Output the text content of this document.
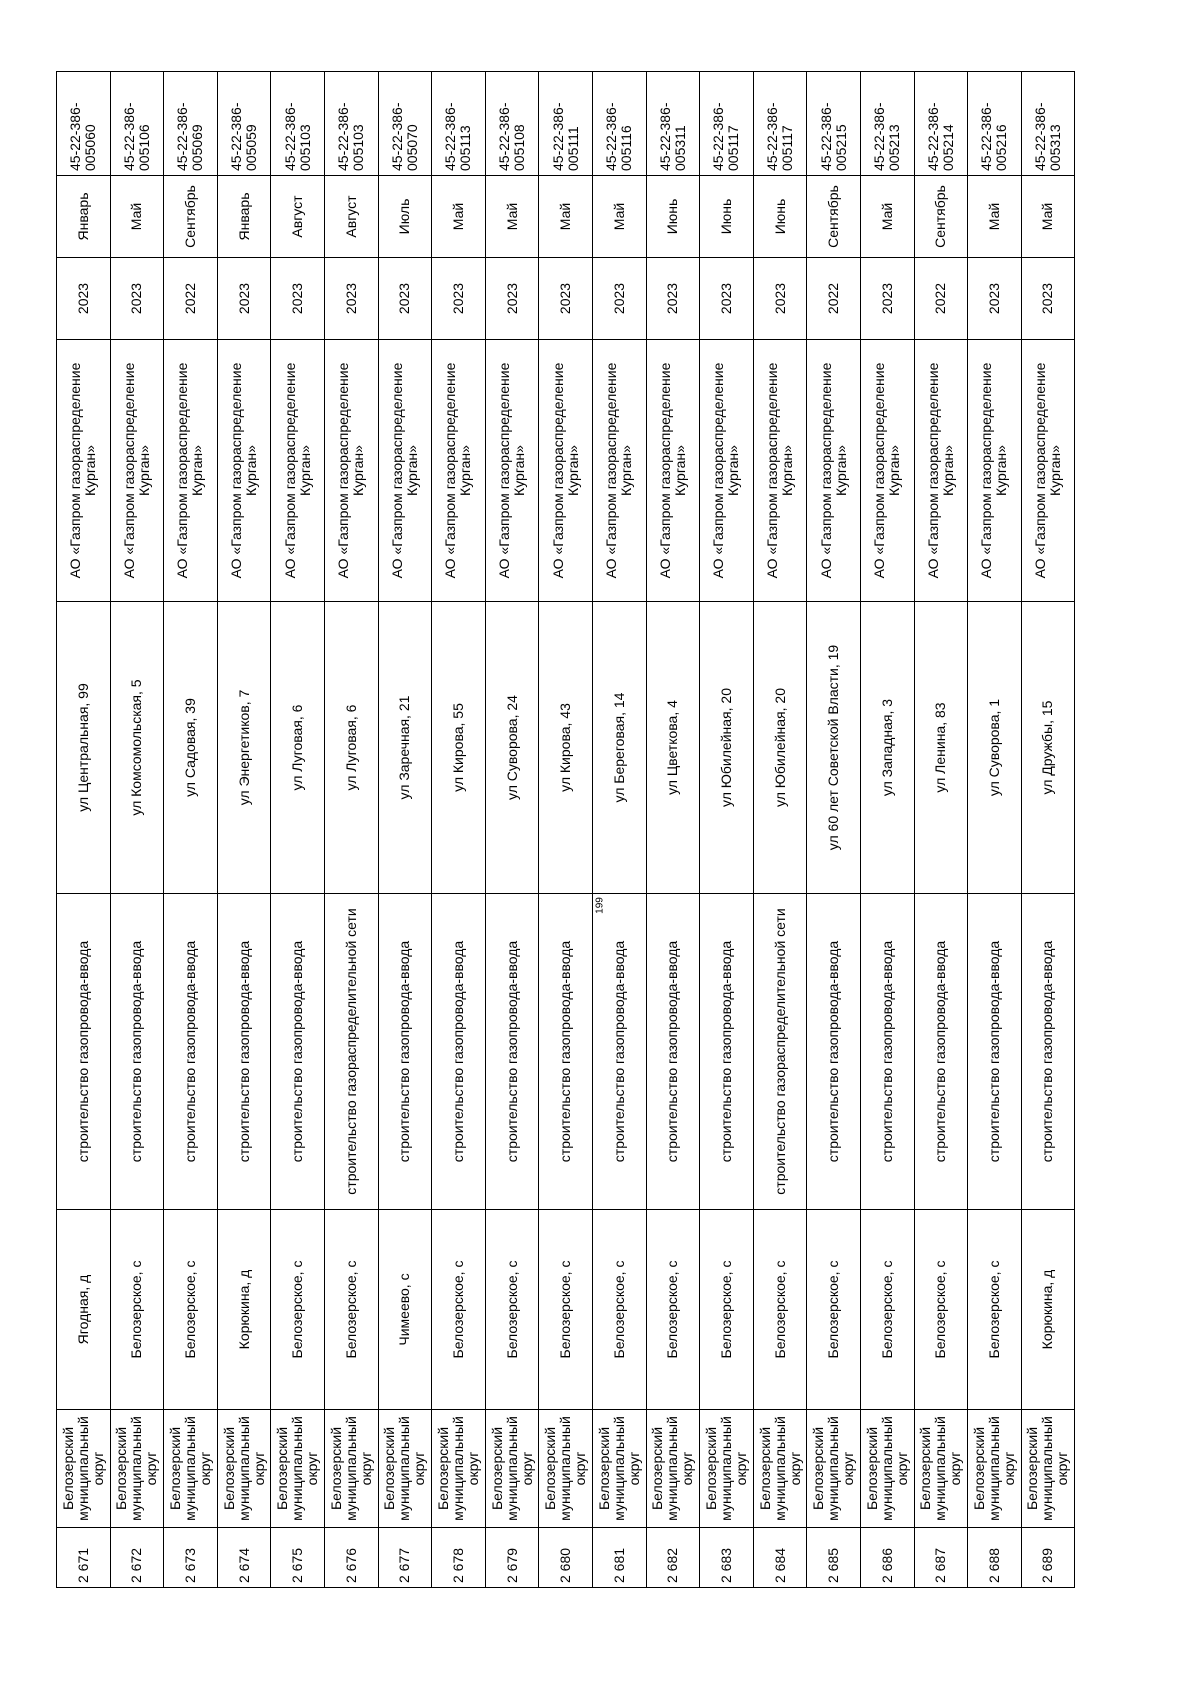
199
2 671	Белозерский муниципальный округ	Ягодная, д	строительство газопровода-ввода	ул Центральная, 99	АО «Газпром газораспределение Курган»	2023	Январь	45-22-386-005060
2 672	Белозерский муниципальный округ	Белозерское, с	строительство газопровода-ввода	ул Комсомольская, 5	АО «Газпром газораспределение Курган»	2023	Май	45-22-386-005106
2 673	Белозерский муниципальный округ	Белозерское, с	строительство газопровода-ввода	ул Садовая, 39	АО «Газпром газораспределение Курган»	2022	Сентябрь	45-22-386-005069
2 674	Белозерский муниципальный округ	Корюкина, д	строительство газопровода-ввода	ул Энергетиков, 7	АО «Газпром газораспределение Курган»	2023	Январь	45-22-386-005059
2 675	Белозерский муниципальный округ	Белозерское, с	строительство газопровода-ввода	ул Луговая, 6	АО «Газпром газораспределение Курган»	2023	Август	45-22-386-005103
2 676	Белозерский муниципальный округ	Белозерское, с	строительство газораспределительной сети	ул Луговая, 6	АО «Газпром газораспределение Курган»	2023	Август	45-22-386-005103
2 677	Белозерский муниципальный округ	Чимеево, с	строительство газопровода-ввода	ул Заречная, 21	АО «Газпром газораспределение Курган»	2023	Июль	45-22-386-005070
2 678	Белозерский муниципальный округ	Белозерское, с	строительство газопровода-ввода	ул Кирова, 55	АО «Газпром газораспределение Курган»	2023	Май	45-22-386-005113
2 679	Белозерский муниципальный округ	Белозерское, с	строительство газопровода-ввода	ул Суворова, 24	АО «Газпром газораспределение Курган»	2023	Май	45-22-386-005108
2 680	Белозерский муниципальный округ	Белозерское, с	строительство газопровода-ввода	ул Кирова, 43	АО «Газпром газораспределение Курган»	2023	Май	45-22-386-005111
2 681	Белозерский муниципальный округ	Белозерское, с	строительство газопровода-ввода	ул Береговая, 14	АО «Газпром газораспределение Курган»	2023	Май	45-22-386-005116
2 682	Белозерский муниципальный округ	Белозерское, с	строительство газопровода-ввода	ул Цветкова, 4	АО «Газпром газораспределение Курган»	2023	Июнь	45-22-386-005311
2 683	Белозерский муниципальный округ	Белозерское, с	строительство газопровода-ввода	ул Юбилейная, 20	АО «Газпром газораспределение Курган»	2023	Июнь	45-22-386-005117
2 684	Белозерский муниципальный округ	Белозерское, с	строительство газораспределительной сети	ул Юбилейная, 20	АО «Газпром газораспределение Курган»	2023	Июнь	45-22-386-005117
2 685	Белозерский муниципальный округ	Белозерское, с	строительство газопровода-ввода	ул 60 лет Советской Власти, 19	АО «Газпром газораспределение Курган»	2022	Сентябрь	45-22-386-005215
2 686	Белозерский муниципальный округ	Белозерское, с	строительство газопровода-ввода	ул Западная, 3	АО «Газпром газораспределение Курган»	2023	Май	45-22-386-005213
2 687	Белозерский муниципальный округ	Белозерское, с	строительство газопровода-ввода	ул Ленина, 83	АО «Газпром газораспределение Курган»	2022	Сентябрь	45-22-386-005214
2 688	Белозерский муниципальный округ	Белозерское, с	строительство газопровода-ввода	ул Суворова, 1	АО «Газпром газораспределение Курган»	2023	Май	45-22-386-005216
2 689	Белозерский муниципальный округ	Корюкина, д	строительство газопровода-ввода	ул Дружбы, 15	АО «Газпром газораспределение Курган»	2023	Май	45-22-386-005313
